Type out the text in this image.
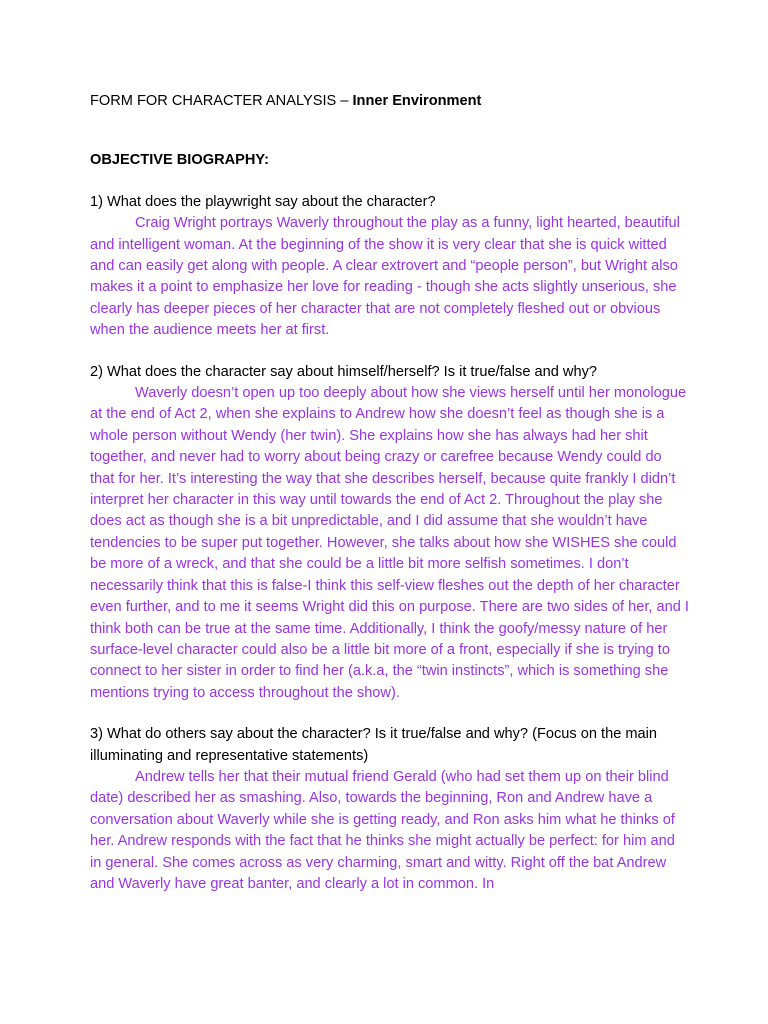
FORM FOR CHARACTER ANALYSIS – Inner Environment

OBJECTIVE BIOGRAPHY:

1) What does the playwright say about the character?

Craig Wright portrays Waverly throughout the play as a funny, light hearted, beautiful and intelligent woman. At the beginning of the show it is very clear that she is quick witted and can easily get along with people. A clear extrovert and “people person”, but Wright also makes it a point to emphasize her love for reading - though she acts slightly unserious, she clearly has deeper pieces of her character that are not completely fleshed out or obvious when the audience meets her at first.

2) What does the character say about himself/herself? Is it true/false and why?

Waverly doesn’t open up too deeply about how she views herself until her monologue at the end of Act 2, when she explains to Andrew how she doesn’t feel as though she is a whole person without Wendy (her twin). She explains how she has always had her shit together, and never had to worry about being crazy or carefree because Wendy could do that for her. It’s interesting the way that she describes herself, because quite frankly I didn’t interpret her character in this way until towards the end of Act 2. Throughout the play she does act as though she is a bit unpredictable, and I did assume that she wouldn’t have tendencies to be super put together. However, she talks about how she WISHES she could be more of a wreck, and that she could be a little bit more selfish sometimes. I don’t necessarily think that this is false-I think this self-view fleshes out the depth of her character even further, and to me it seems Wright did this on purpose. There are two sides of her, and I think both can be true at the same time. Additionally, I think the goofy/messy nature of her surface-level character could also be a little bit more of a front, especially if she is trying to connect to her sister in order to find her (a.k.a, the “twin instincts”, which is something she mentions trying to access throughout the show).

3) What do others say about the character? Is it true/false and why? (Focus on the main illuminating and representative statements)

Andrew tells her that their mutual friend Gerald (who had set them up on their blind date) described her as smashing. Also, towards the beginning, Ron and Andrew have a conversation about Waverly while she is getting ready, and Ron asks him what he thinks of her. Andrew responds with the fact that he thinks she might actually be perfect: for him and in general. She comes across as very charming, smart and witty. Right off the bat Andrew and Waverly have great banter, and clearly a lot in common. In
